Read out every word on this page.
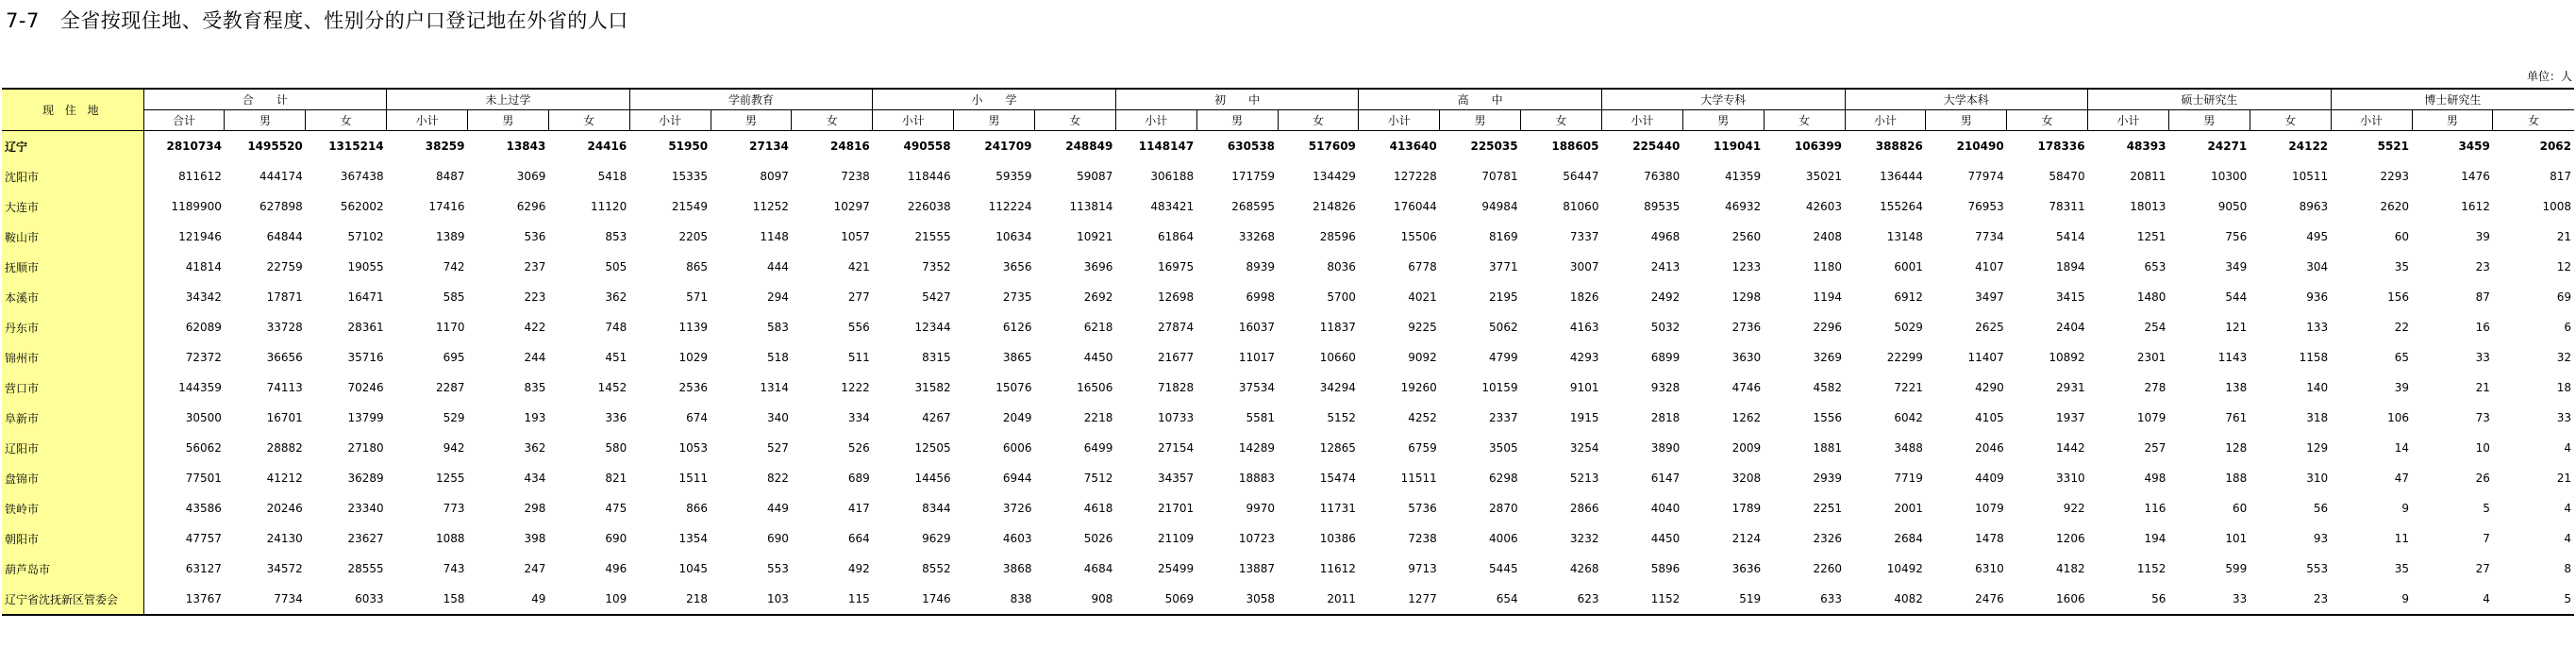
7-7 全省按现住地、受教育程度、性别分的户口登记地在外省的人口
单位：人
现 住 地	合　　计			未上过学			学前教育			小　　学			初　　中			高　　中			大学专科			大学本科			硕士研究生			博士研究生		
	合计	男	女	小计	男	女	小计	男	女	小计	男	女	小计	男	女	小计	男	女	小计	男	女	小计	男	女	小计	男	女	小计	男	女
辽宁	2810734	1495520	1315214	38259	13843	24416	51950	27134	24816	490558	241709	248849	1148147	630538	517609	413640	225035	188605	225440	119041	106399	388826	210490	178336	48393	24271	24122	5521	3459	2062
沈阳市	811612	444174	367438	8487	3069	5418	15335	8097	7238	118446	59359	59087	306188	171759	134429	127228	70781	56447	76380	41359	35021	136444	77974	58470	20811	10300	10511	2293	1476	817
大连市	1189900	627898	562002	17416	6296	11120	21549	11252	10297	226038	112224	113814	483421	268595	214826	176044	94984	81060	89535	46932	42603	155264	76953	78311	18013	9050	8963	2620	1612	1008
鞍山市	121946	64844	57102	1389	536	853	2205	1148	1057	21555	10634	10921	61864	33268	28596	15506	8169	7337	4968	2560	2408	13148	7734	5414	1251	756	495	60	39	21
抚顺市	41814	22759	19055	742	237	505	865	444	421	7352	3656	3696	16975	8939	8036	6778	3771	3007	2413	1233	1180	6001	4107	1894	653	349	304	35	23	12
本溪市	34342	17871	16471	585	223	362	571	294	277	5427	2735	2692	12698	6998	5700	4021	2195	1826	2492	1298	1194	6912	3497	3415	1480	544	936	156	87	69
丹东市	62089	33728	28361	1170	422	748	1139	583	556	12344	6126	6218	27874	16037	11837	9225	5062	4163	5032	2736	2296	5029	2625	2404	254	121	133	22	16	6
锦州市	72372	36656	35716	695	244	451	1029	518	511	8315	3865	4450	21677	11017	10660	9092	4799	4293	6899	3630	3269	22299	11407	10892	2301	1143	1158	65	33	32
营口市	144359	74113	70246	2287	835	1452	2536	1314	1222	31582	15076	16506	71828	37534	34294	19260	10159	9101	9328	4746	4582	7221	4290	2931	278	138	140	39	21	18
阜新市	30500	16701	13799	529	193	336	674	340	334	4267	2049	2218	10733	5581	5152	4252	2337	1915	2818	1262	1556	6042	4105	1937	1079	761	318	106	73	33
辽阳市	56062	28882	27180	942	362	580	1053	527	526	12505	6006	6499	27154	14289	12865	6759	3505	3254	3890	2009	1881	3488	2046	1442	257	128	129	14	10	4
盘锦市	77501	41212	36289	1255	434	821	1511	822	689	14456	6944	7512	34357	18883	15474	11511	6298	5213	6147	3208	2939	7719	4409	3310	498	188	310	47	26	21
铁岭市	43586	20246	23340	773	298	475	866	449	417	8344	3726	4618	21701	9970	11731	5736	2870	2866	4040	1789	2251	2001	1079	922	116	60	56	9	5	4
朝阳市	47757	24130	23627	1088	398	690	1354	690	664	9629	4603	5026	21109	10723	10386	7238	4006	3232	4450	2124	2326	2684	1478	1206	194	101	93	11	7	4
葫芦岛市	63127	34572	28555	743	247	496	1045	553	492	8552	3868	4684	25499	13887	11612	9713	5445	4268	5896	3636	2260	10492	6310	4182	1152	599	553	35	27	8
辽宁省沈抚新区管委会	13767	7734	6033	158	49	109	218	103	115	1746	838	908	5069	3058	2011	1277	654	623	1152	519	633	4082	2476	1606	56	33	23	9	4	5
